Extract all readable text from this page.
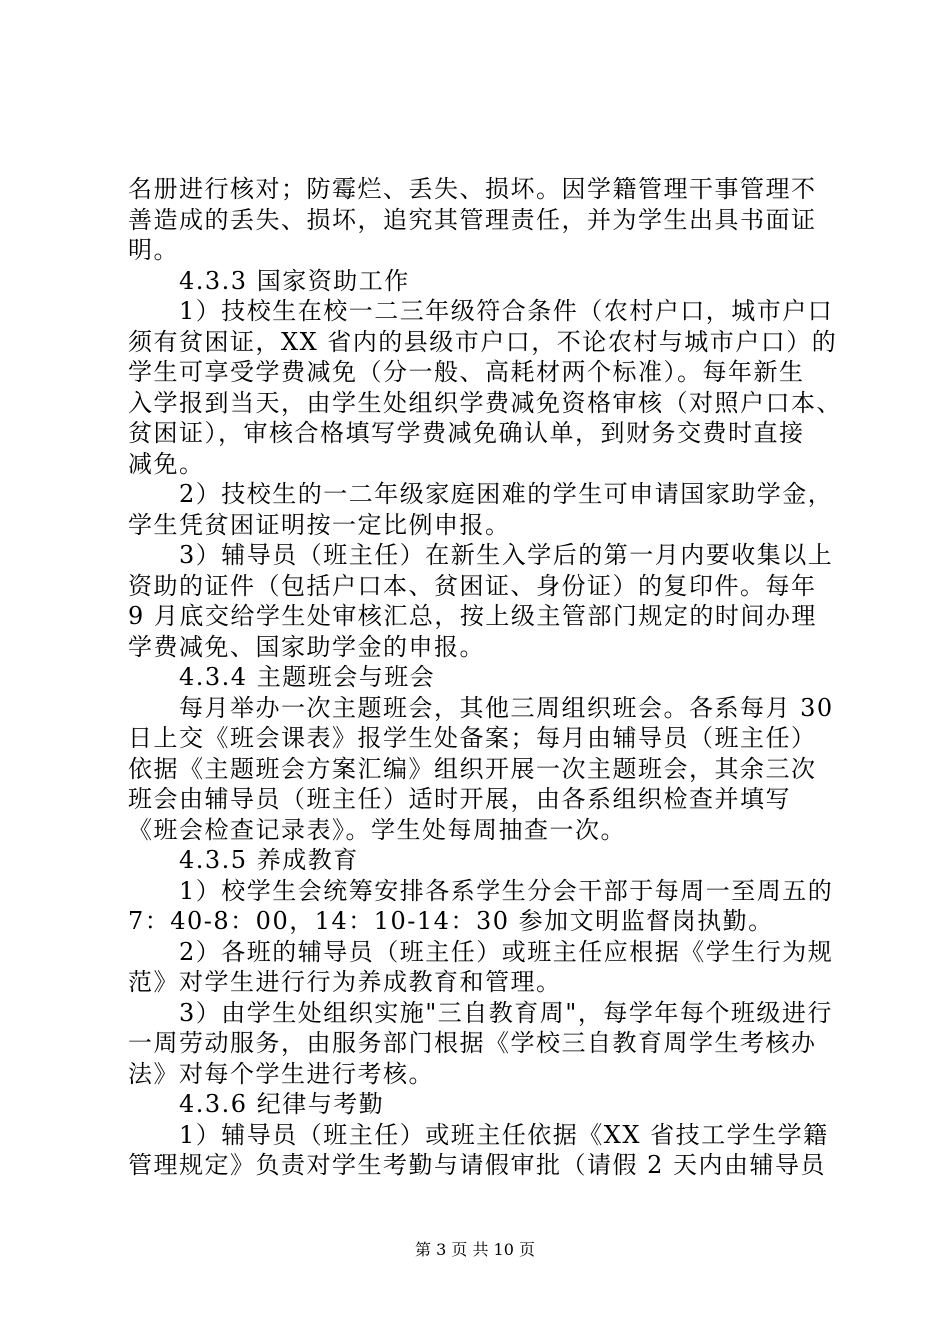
名册进行核对；防霉烂、丢失、损坏。因学籍管理干事管理不
善造成的丢失、损坏，追究其管理责任，并为学生出具书面证
明。
　　4.3.3 国家资助工作
　　1）技校生在校一二三年级符合条件（农村户口，城市户口
须有贫困证，XX 省内的县级市户口，不论农村与城市户口）的
学生可享受学费减免（分一般、高耗材两个标准）。每年新生
入学报到当天，由学生处组织学费减免资格审核（对照户口本、
贫困证），审核合格填写学费减免确认单，到财务交费时直接
减免。
　　2）技校生的一二年级家庭困难的学生可申请国家助学金，
学生凭贫困证明按一定比例申报。
　　3）辅导员（班主任）在新生入学后的第一月内要收集以上
资助的证件（包括户口本、贫困证、身份证）的复印件。每年
9 月底交给学生处审核汇总，按上级主管部门规定的时间办理
学费减免、国家助学金的申报。
　　4.3.4 主题班会与班会
　　每月举办一次主题班会，其他三周组织班会。各系每月 30
日上交《班会课表》报学生处备案；每月由辅导员（班主任）
依据《主题班会方案汇编》组织开展一次主题班会，其余三次
班会由辅导员（班主任）适时开展，由各系组织检查并填写
《班会检查记录表》。学生处每周抽查一次。
　　4.3.5 养成教育
　　1）校学生会统筹安排各系学生分会干部于每周一至周五的
7：40-8：00，14：10-14：30 参加文明监督岗执勤。
　　2）各班的辅导员（班主任）或班主任应根据《学生行为规
范》对学生进行行为养成教育和管理。
　　3）由学生处组织实施"三自教育周"，每学年每个班级进行
一周劳动服务，由服务部门根据《学校三自教育周学生考核办
法》对每个学生进行考核。
　　4.3.6 纪律与考勤
　　1）辅导员（班主任）或班主任依据《XX 省技工学生学籍
管理规定》负责对学生考勤与请假审批（请假 2 天内由辅导员
第 3 页 共 10 页
